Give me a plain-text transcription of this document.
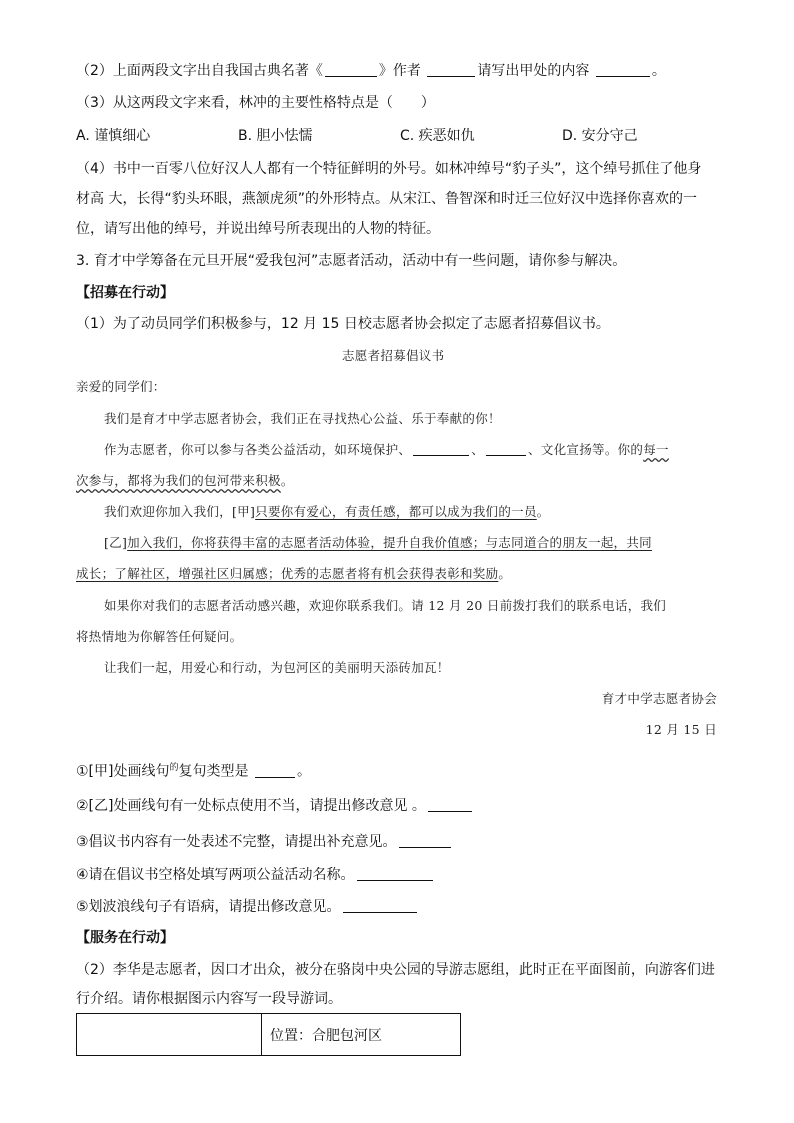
（2）上面两段文字出自我国古典名著《	》作者	请写出甲处的内容	。
（3）从这两段文字来看，林冲的主要性格特点是（　　）
A. 谨慎细心	B. 胆小怯懦	C. 疾恶如仇	D. 安分守己
（4）书中一百零八位好汉人人都有一个特征鲜明的外号。如林冲绰号“豹子头”，这个绰号抓住了他身
材高 大，长得“豹头环眼，燕颔虎须”的外形特点。从宋江、鲁智深和时迁三位好汉中选择你喜欢的一
位，请写出他的绰号，并说出绰号所表现出的人物的特征。
3. 育才中学筹备在元旦开展“爱我包河”志愿者活动，活动中有一些问题，请你参与解决。
【招募在行动】
（1）为了动员同学们积极参与，12 月 15 日校志愿者协会拟定了志愿者招募倡议书。
志愿者招募倡议书
亲爱的同学们：
我们是育才中学志愿者协会，我们正在寻找热心公益、乐于奉献的你！
作为志愿者，你可以参与各类公益活动，如环境保护、	、	、文化宣扬等。你的每一
次参与，都将为我们的包河带来积极。
我们欢迎你加入我们，[甲]只要你有爱心，有责任感，都可以成为我们的一员。
[乙]加入我们，你将获得丰富的志愿者活动体验，提升自我价值感；与志同道合的朋友一起，共同
成长；了解社区，增强社区归属感；优秀的志愿者将有机会获得表彰和奖励。
如果你对我们的志愿者活动感兴趣，欢迎你联系我们。请 12 月 20 日前拨打我们的联系电话，我们
将热情地为你解答任何疑问。
让我们一起，用爱心和行动，为包河区的美丽明天添砖加瓦！
育才中学志愿者协会
12 月 15 日
①[甲]处画线句$^的$复句类型是	。
②[乙]处画线句有一处标点使用不当，请提出修改意见 。
③倡议书内容有一处表述不完整，请提出补充意见。
④请在倡议书空格处填写两项公益活动名称。
⑤划波浪线句子有语病，请提出修改意见。
【服务在行动】
（2）李华是志愿者，因口才出众，被分在骆岗中央公园的导游志愿组，此时正在平面图前，向游客们进
行介绍。请你根据图示内容写一段导游词。
	位置：合肥包河区
